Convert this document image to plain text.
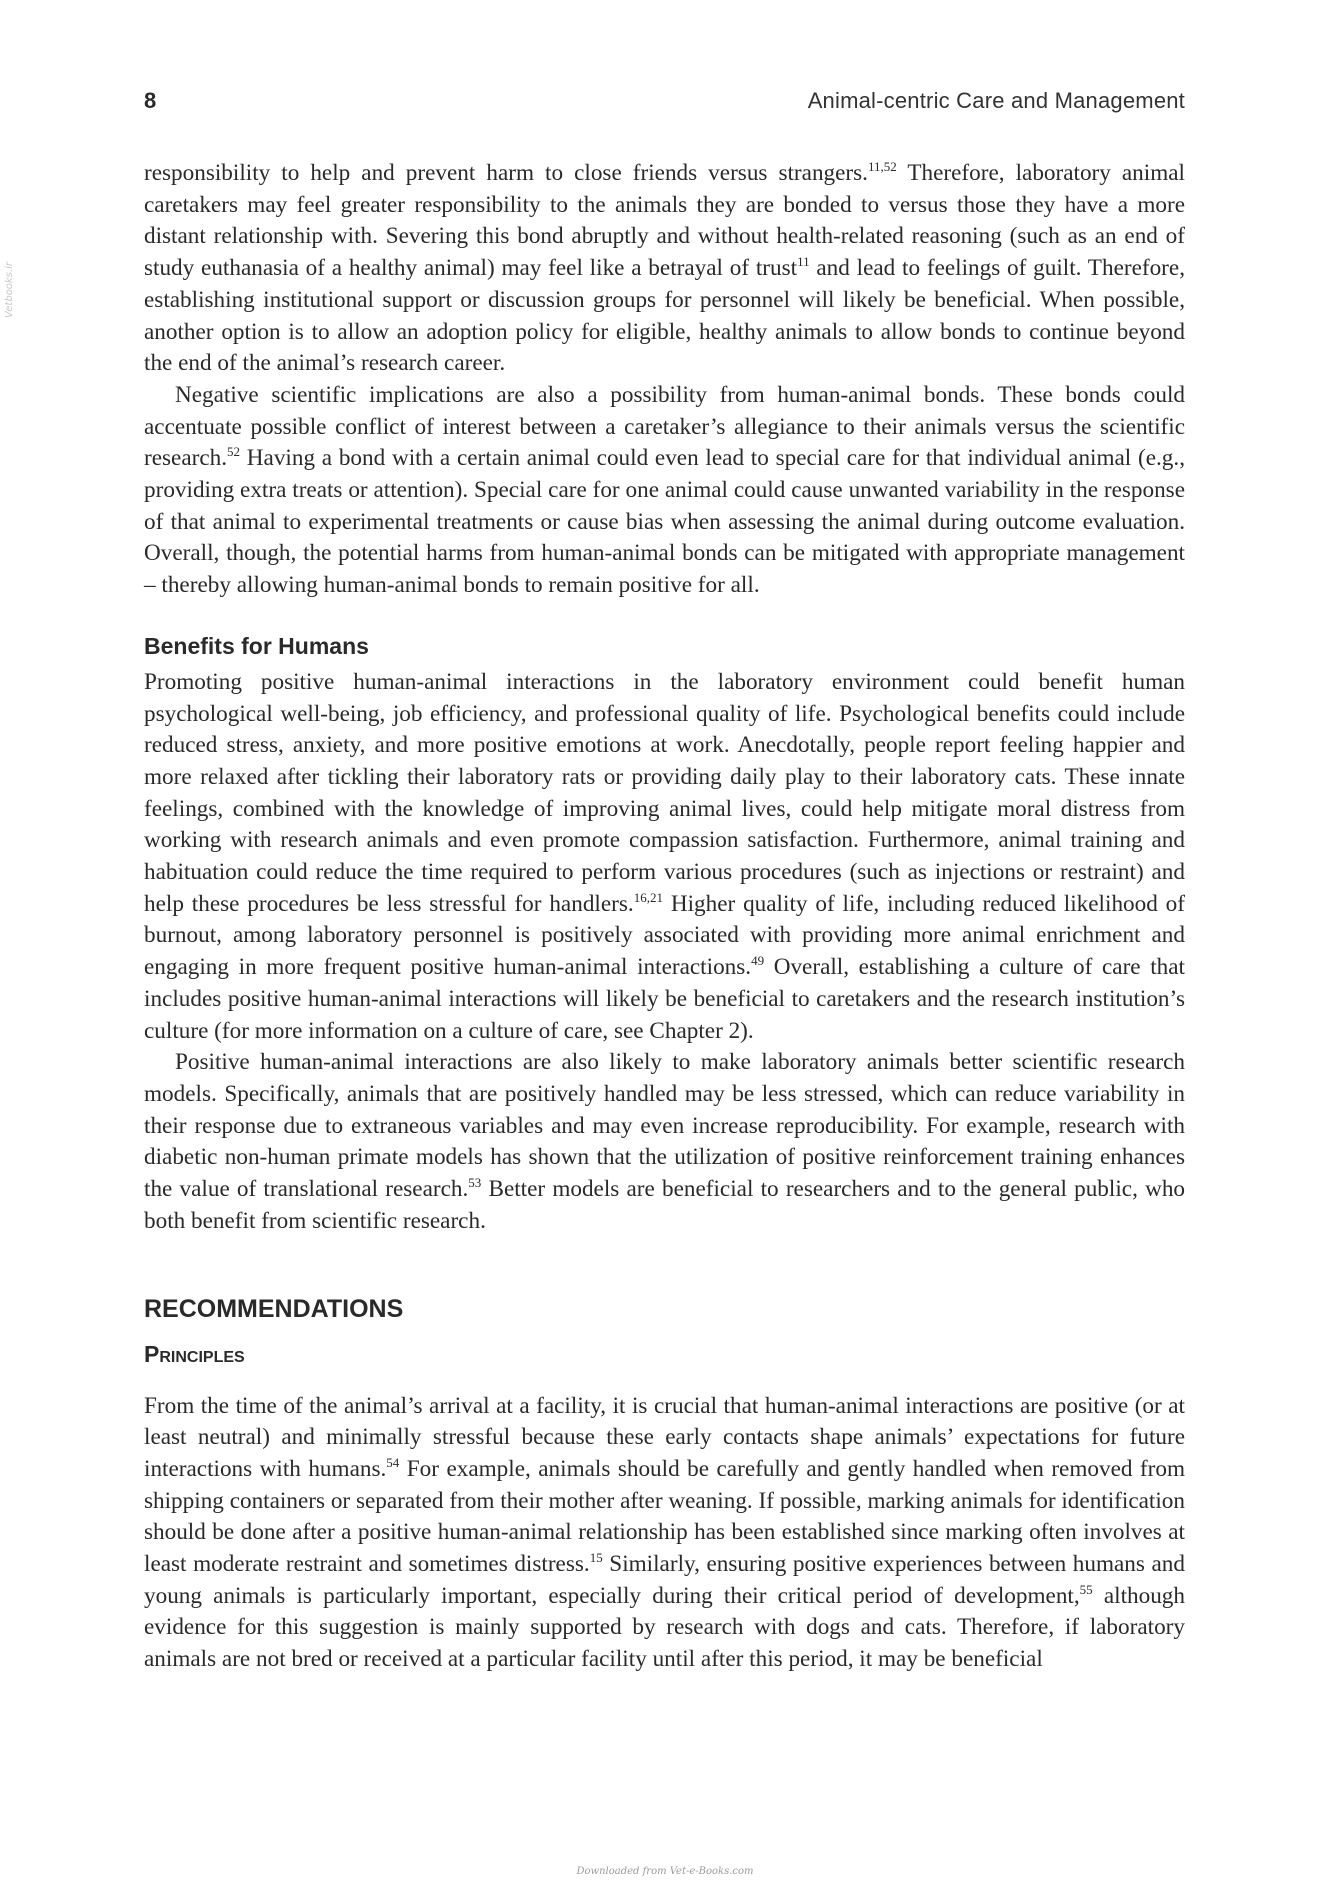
Vetbooks.ir
8	Animal-centric Care and Management

responsibility to help and prevent harm to close friends versus strangers.$^{11,52}$ Therefore, laboratory animal caretakers may feel greater responsibility to the animals they are bonded to versus those they have a more distant relationship with. Severing this bond abruptly and without health-related reasoning (such as an end of study euthanasia of a healthy animal) may feel like a betrayal of trust$^{11}$ and lead to feelings of guilt. Therefore, establishing institutional support or discussion groups for personnel will likely be beneficial. When possible, another option is to allow an adoption policy for eligible, healthy animals to allow bonds to continue beyond the end of the animal’s research career.

Negative scientific implications are also a possibility from human-animal bonds. These bonds could accentuate possible conflict of interest between a caretaker’s allegiance to their animals versus the scientific research.$^{52}$ Having a bond with a certain animal could even lead to special care for that individual animal (e.g., providing extra treats or attention). Special care for one animal could cause unwanted variability in the response of that animal to experimental treatments or cause bias when assessing the animal during outcome evaluation. Overall, though, the potential harms from human-animal bonds can be mitigated with appropriate management – thereby allowing human-animal bonds to remain positive for all.

Benefits for Humans

Promoting positive human-animal interactions in the laboratory environment could benefit human psychological well-being, job efficiency, and professional quality of life. Psychological benefits could include reduced stress, anxiety, and more positive emotions at work. Anecdotally, people report feeling happier and more relaxed after tickling their laboratory rats or providing daily play to their laboratory cats. These innate feelings, combined with the knowledge of improving animal lives, could help mitigate moral distress from working with research animals and even promote compassion satisfaction. Furthermore, animal training and habituation could reduce the time required to perform various procedures (such as injections or restraint) and help these procedures be less stressful for handlers.$^{16,21}$ Higher quality of life, including reduced likelihood of burnout, among laboratory personnel is positively associated with providing more animal enrichment and engaging in more frequent positive human-animal interactions.$^{49}$ Overall, establishing a culture of care that includes positive human-animal interactions will likely be beneficial to caretakers and the research institution’s culture (for more information on a culture of care, see Chapter 2).

Positive human-animal interactions are also likely to make laboratory animals better scientific research models. Specifically, animals that are positively handled may be less stressed, which can reduce variability in their response due to extraneous variables and may even increase reproducibility. For example, research with diabetic non-human primate models has shown that the utilization of positive reinforcement training enhances the value of translational research.$^{53}$ Better models are beneficial to researchers and to the general public, who both benefit from scientific research.

RECOMMENDATIONS
Principles

From the time of the animal’s arrival at a facility, it is crucial that human-animal interactions are positive (or at least neutral) and minimally stressful because these early contacts shape animals’ expectations for future interactions with humans.$^{54}$ For example, animals should be carefully and gently handled when removed from shipping containers or separated from their mother after weaning. If possible, marking animals for identification should be done after a positive human-animal relationship has been established since marking often involves at least moderate restraint and sometimes distress.$^{15}$ Similarly, ensuring positive experiences between humans and young animals is particularly important, especially during their critical period of development,$^{55}$ although evidence for this suggestion is mainly supported by research with dogs and cats. Therefore, if laboratory animals are not bred or received at a particular facility until after this period, it may be beneficial

Downloaded from Vet-e-Books.com
